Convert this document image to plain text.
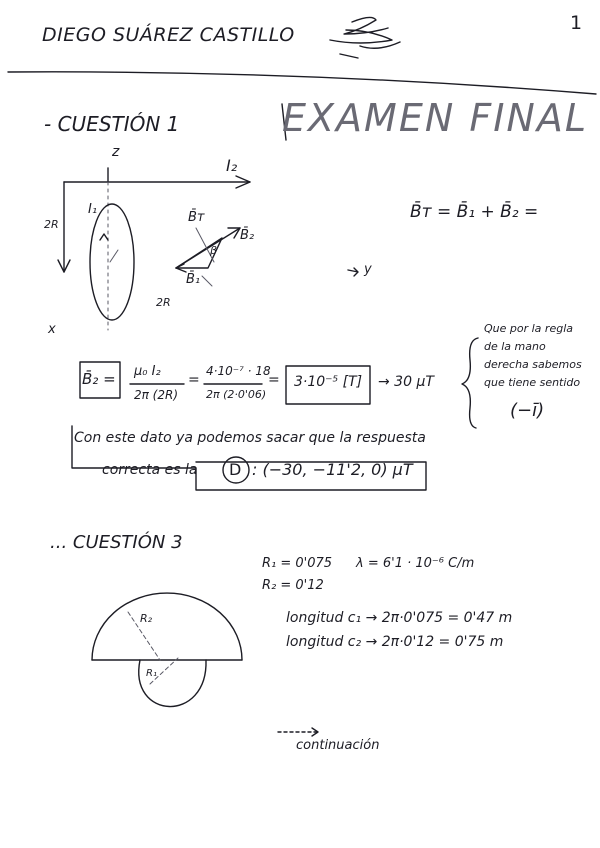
DIEGO SUÁREZ CASTILLO
1
EXAMEN FINAL
- CUESTIÓN 1
z
x
y
I₂
I₁
2R
2R
B̄ᴛ
B̄₂
B̄₁
β
B̄ᴛ = B̄₁ + B̄₂ =
B̄₂ = μ₀ I₂
2π (2R)
=
4·10⁻⁷ · 18
2π (2·0'06)
= 3·10⁻⁵ [T] → 30 μT
Que por la regla
de la mano
derecha sabemos
que tiene sentido
(−ī)
Con este dato ya podemos sacar que la respuesta
correcta es la D : (−30, −11'2, 0) μT
... CUESTIÓN 3
R₁ = 0'075
R₂ = 0'12
λ = 6'1 · 10⁻⁶ C/m
longitud c₁ → 2π·0'075 = 0'47 m
longitud c₂ → 2π·0'12 = 0'75 m
R₂
R₁
continuación
